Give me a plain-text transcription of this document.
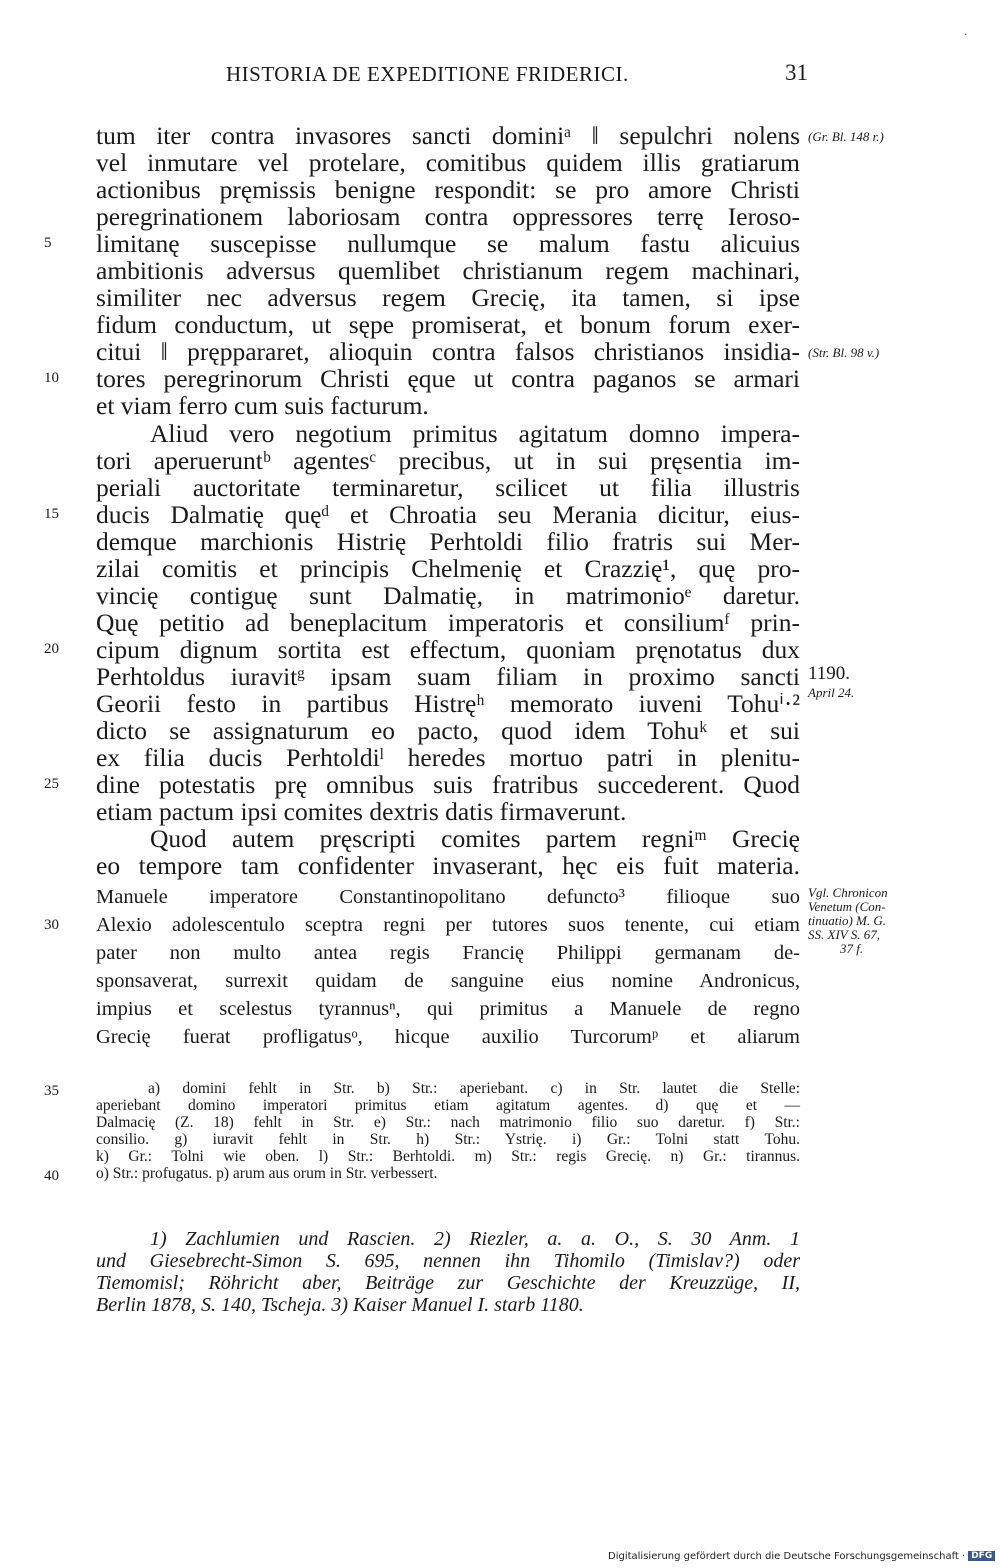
·
HISTORIA DE EXPEDITIONE FRIDERICI.	31
tum iter contra invasores sancti dominiᵃ ‖ sepulchri nolens
vel inmutare vel protelare, comitibus quidem illis gratiarum
actionibus pręmissis benigne respondit: se pro amore Christi
peregrinationem laboriosam contra oppressores terrę Ieroso-
limitanę suscepisse nullumque se malum fastu alicuius
ambitionis adversus quemlibet christianum regem machinari,
similiter nec adversus regem Grecię, ita tamen, si ipse
fidum conductum, ut sępe promiserat, et bonum forum exer-
citui ‖ pręppararet, alioquin contra falsos christianos insidia-
tores peregrinorum Christi ęque ut contra paganos se armari
et viam ferro cum suis facturum.
Aliud vero negotium primitus agitatum domno impera-
tori aperueruntᵇ agentesᶜ precibus, ut in sui pręsentia im-
periali auctoritate terminaretur, scilicet ut filia illustris
ducis Dalmatię quęᵈ et Chroatia seu Merania dicitur, eius-
demque marchionis Histrię Perhtoldi filio fratris sui Mer-
zilai comitis et principis Chelmenię et Crazzię¹, quę pro-
vincię contiguę sunt Dalmatię, in matrimonioᵉ daretur.
Quę petitio ad beneplacitum imperatoris et consiliumᶠ prin-
cipum dignum sortita est effectum, quoniam pręnotatus dux
Perhtoldus iuravitᵍ ipsam suam filiam in proximo sancti
Georii festo in partibus Histręʰ memorato iuveni Tohuⁱ·²
dicto se assignaturum eo pacto, quod idem Tohuᵏ et sui
ex filia ducis Perhtoldiˡ heredes mortuo patri in plenitu-
dine potestatis prę omnibus suis fratribus succederent. Quod
etiam pactum ipsi comites dextris datis firmaverunt.
Quod autem pręscripti comites partem regniᵐ Grecię
eo tempore tam confidenter invaserant, hęc eis fuit materia.
Manuele imperatore Constantinopolitano defuncto³ filioque suo
Alexio adolescentulo sceptra regni per tutores suos tenente, cui etiam
pater non multo antea regis Francię Philippi germanam de-
sponsaverat, surrexit quidam de sanguine eius nomine Andronicus,
impius et scelestus tyrannusⁿ, qui primitus a Manuele de regno
Grecię fuerat profligatusᵒ, hicque auxilio Turcorumᵖ et aliarum
5
10
15
20
25
30
35
40
(Gr. Bl. 148 r.)
(Str. Bl. 98 v.)
1190.
April 24.
Vgl. Chronicon
Venetum (Con-
tinuatio) M. G.
SS. XIV S. 67,
37 f.
a) domini fehlt in Str. b) Str.: aperiebant. c) in Str. lautet die Stelle:
aperiebant domino imperatori primitus etiam agitatum agentes. d) quę et —
Dalmacię (Z. 18) fehlt in Str. e) Str.: nach matrimonio filio suo daretur. f) Str.:
consilio. g) iuravit fehlt in Str. h) Str.: Ystrię. i) Gr.: Tolni statt Tohu.
k) Gr.: Tolni wie oben. l) Str.: Berhtoldi. m) Str.: regis Grecię. n) Gr.: tirannus.
o) Str.: profugatus. p) arum aus orum in Str. verbessert.
1) Zachlumien und Rascien. 2) Riezler, a. a. O., S. 30 Anm. 1
und Giesebrecht-Simon S. 695, nennen ihn Tihomilo (Timislav?) oder
Tiemomisl; Röhricht aber, Beiträge zur Geschichte der Kreuzzüge, II,
Berlin 1878, S. 140, Tscheja. 3) Kaiser Manuel I. starb 1180.
Digitalisierung gefördert durch die Deutsche Forschungsgemeinschaft · DFG
